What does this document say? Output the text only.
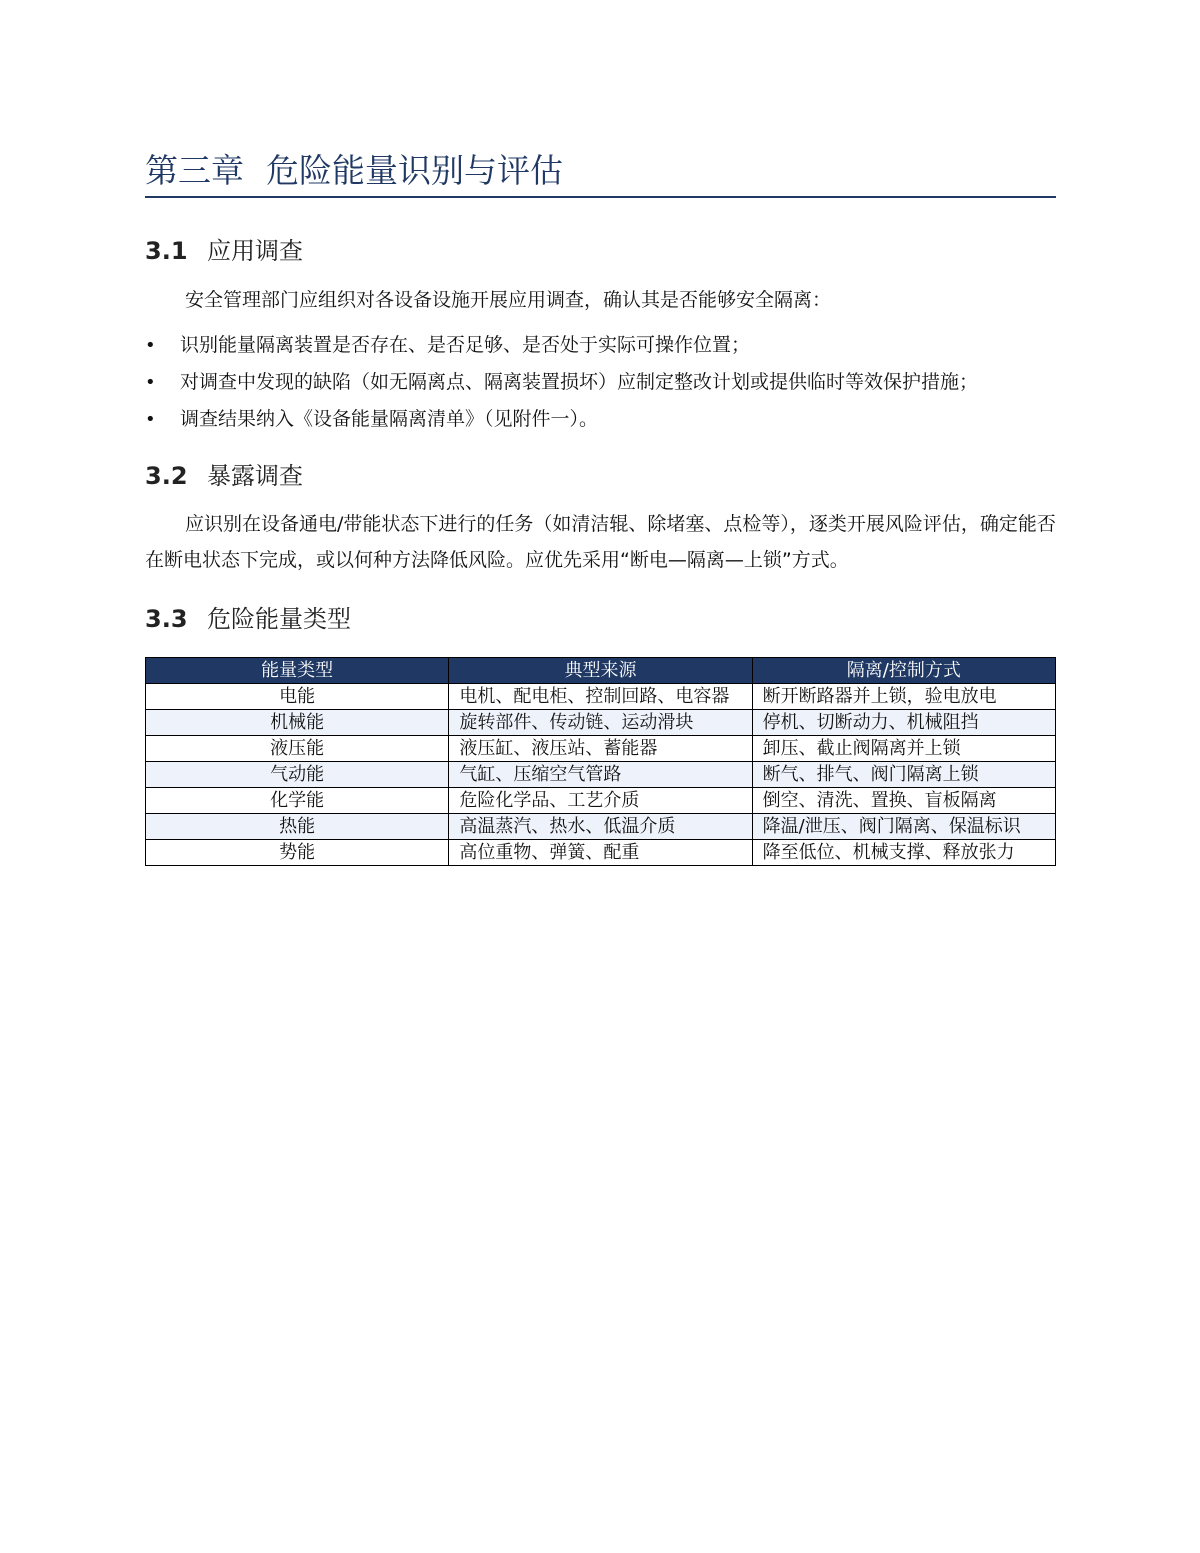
第三章 危险能量识别与评估
3.1 应用调查
安全管理部门应组织对各设备设施开展应用调查，确认其是否能够安全隔离：
• 识别能量隔离装置是否存在、是否足够、是否处于实际可操作位置；
• 对调查中发现的缺陷（如无隔离点、隔离装置损坏）应制定整改计划或提供临时等效保护措施；
• 调查结果纳入《设备能量隔离清单》（见附件一）。
3.2 暴露调查
应识别在设备通电/带能状态下进行的任务（如清洁辊、除堵塞、点检等），逐类开展风险评估，确定能否在断电状态下完成，或以何种方法降低风险。应优先采用“断电—隔离—上锁”方式。
3.3 危险能量类型
能量类型	典型来源	隔离/控制方式
电能	电机、配电柜、控制回路、电容器	断开断路器并上锁，验电放电
机械能	旋转部件、传动链、运动滑块	停机、切断动力、机械阻挡
液压能	液压缸、液压站、蓄能器	卸压、截止阀隔离并上锁
气动能	气缸、压缩空气管路	断气、排气、阀门隔离上锁
化学能	危险化学品、工艺介质	倒空、清洗、置换、盲板隔离
热能	高温蒸汽、热水、低温介质	降温/泄压、阀门隔离、保温标识
势能	高位重物、弹簧、配重	降至低位、机械支撑、释放张力
